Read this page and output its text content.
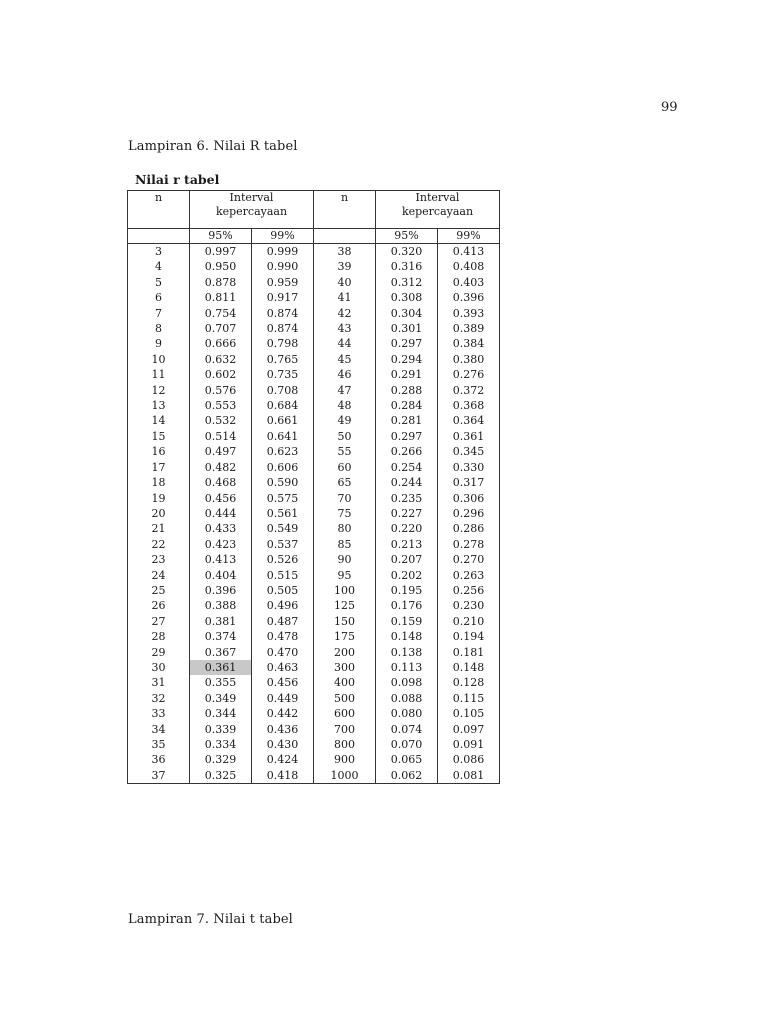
99
Lampiran 6. Nilai R tabel
Nilai r tabel
n	Interval
kepercayaan		n	Interval
kepercayaan	
	95%	99%		95%	99%
3	0.997	0.999	38	0.320	0.413
4	0.950	0.990	39	0.316	0.408
5	0.878	0.959	40	0.312	0.403
6	0.811	0.917	41	0.308	0.396
7	0.754	0.874	42	0.304	0.393
8	0.707	0.874	43	0.301	0.389
9	0.666	0.798	44	0.297	0.384
10	0.632	0.765	45	0.294	0.380
11	0.602	0.735	46	0.291	0.276
12	0.576	0.708	47	0.288	0.372
13	0.553	0.684	48	0.284	0.368
14	0.532	0.661	49	0.281	0.364
15	0.514	0.641	50	0.297	0.361
16	0.497	0.623	55	0.266	0.345
17	0.482	0.606	60	0.254	0.330
18	0.468	0.590	65	0.244	0.317
19	0.456	0.575	70	0.235	0.306
20	0.444	0.561	75	0.227	0.296
21	0.433	0.549	80	0.220	0.286
22	0.423	0.537	85	0.213	0.278
23	0.413	0.526	90	0.207	0.270
24	0.404	0.515	95	0.202	0.263
25	0.396	0.505	100	0.195	0.256
26	0.388	0.496	125	0.176	0.230
27	0.381	0.487	150	0.159	0.210
28	0.374	0.478	175	0.148	0.194
29	0.367	0.470	200	0.138	0.181
30	0.361	0.463	300	0.113	0.148
31	0.355	0.456	400	0.098	0.128
32	0.349	0.449	500	0.088	0.115
33	0.344	0.442	600	0.080	0.105
34	0.339	0.436	700	0.074	0.097
35	0.334	0.430	800	0.070	0.091
36	0.329	0.424	900	0.065	0.086
37	0.325	0.418	1000	0.062	0.081
Lampiran 7. Nilai t tabel
